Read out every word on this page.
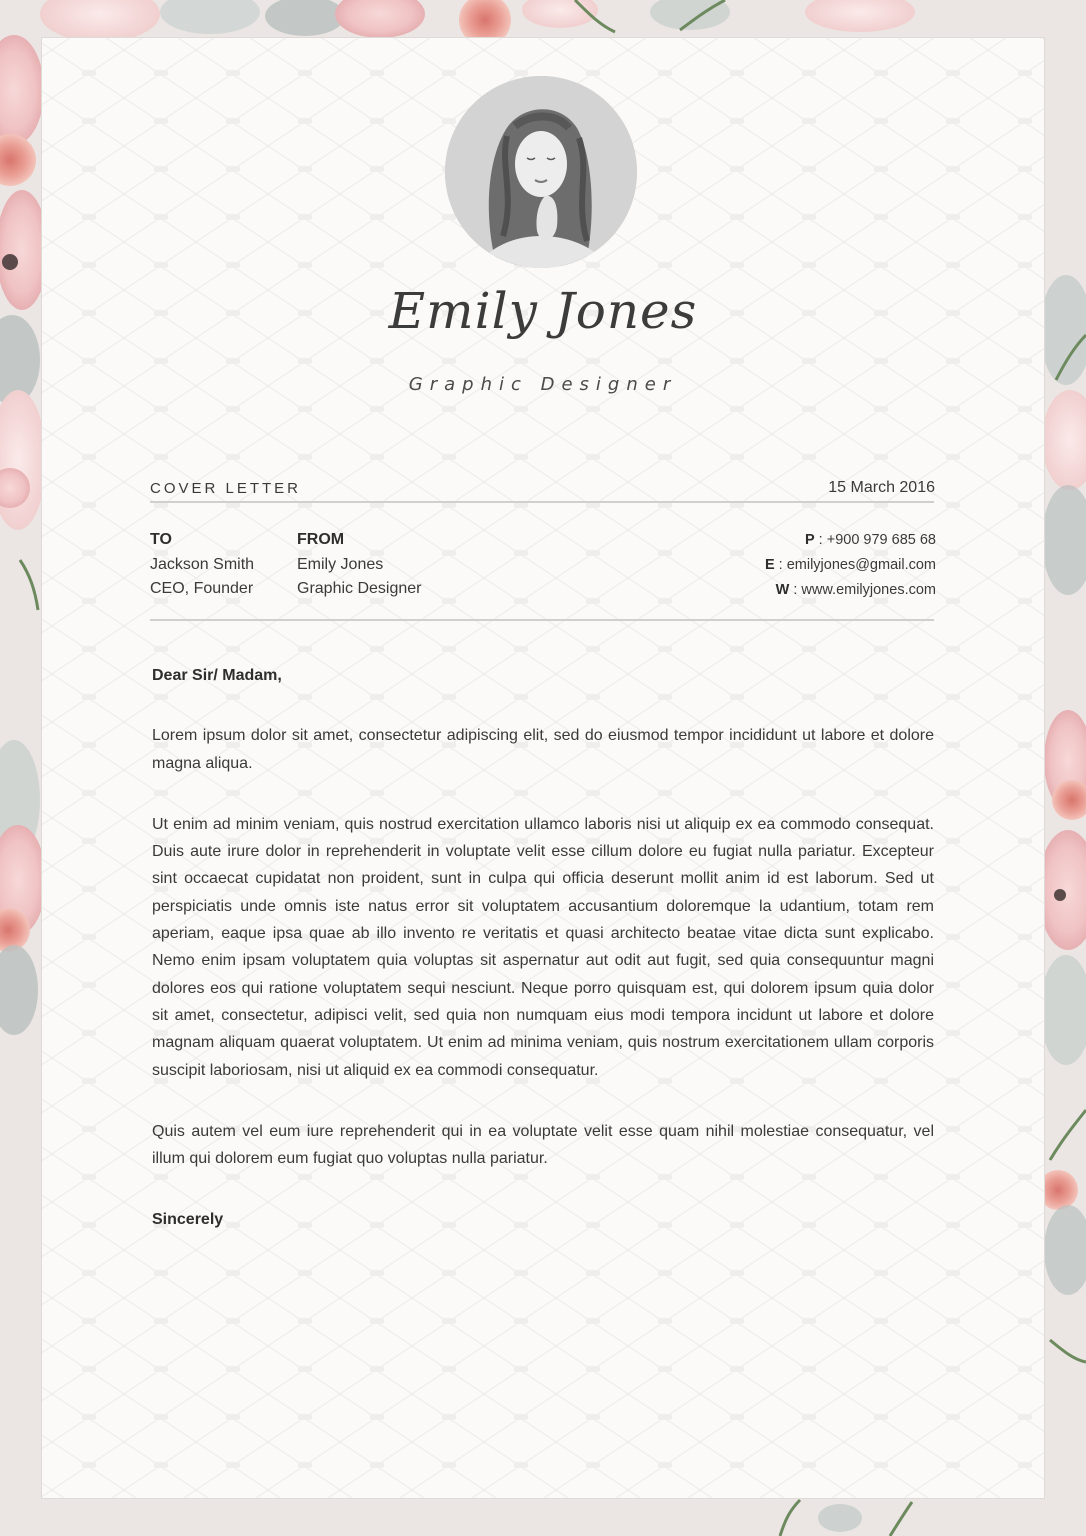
Emily Jones
Graphic Designer
COVER LETTER	15 March 2016
TO
Jackson Smith
CEO, Founder
FROM
Emily Jones
Graphic Designer
P : +900 979 685 68
E : emilyjones@gmail.com
W : www.emilyjones.com
Dear Sir/ Madam,

Lorem ipsum dolor sit amet, consectetur adipiscing elit, sed do eiusmod tempor incididunt ut labore et dolore magna aliqua.

Ut enim ad minim veniam, quis nostrud exercitation ullamco laboris nisi ut aliquip ex ea commodo consequat. Duis aute irure dolor in reprehenderit in voluptate velit esse cillum dolore eu fugiat nulla pariatur. Excepteur sint occaecat cupidatat non proident, sunt in culpa qui officia deserunt mollit anim id est laborum. Sed ut perspiciatis unde omnis iste natus error sit voluptatem accusantium doloremque la udantium, totam rem aperiam, eaque ipsa quae ab illo invento re veritatis et quasi architecto beatae vitae dicta sunt explicabo. Nemo enim ipsam voluptatem quia voluptas sit aspernatur aut odit aut fugit, sed quia consequuntur magni dolores eos qui ratione voluptatem sequi nesciunt. Neque porro quisquam est, qui dolorem ipsum quia dolor sit amet, consectetur, adipisci velit, sed quia non numquam eius modi tempora incidunt ut labore et dolore magnam aliquam quaerat voluptatem. Ut enim ad minima veniam, quis nostrum exercitationem ullam corporis suscipit laboriosam, nisi ut aliquid ex ea commodi consequatur.

Quis autem vel eum iure reprehenderit qui in ea voluptate velit esse quam nihil molestiae consequatur, vel illum qui dolorem eum fugiat quo voluptas nulla pariatur.

Sincerely
